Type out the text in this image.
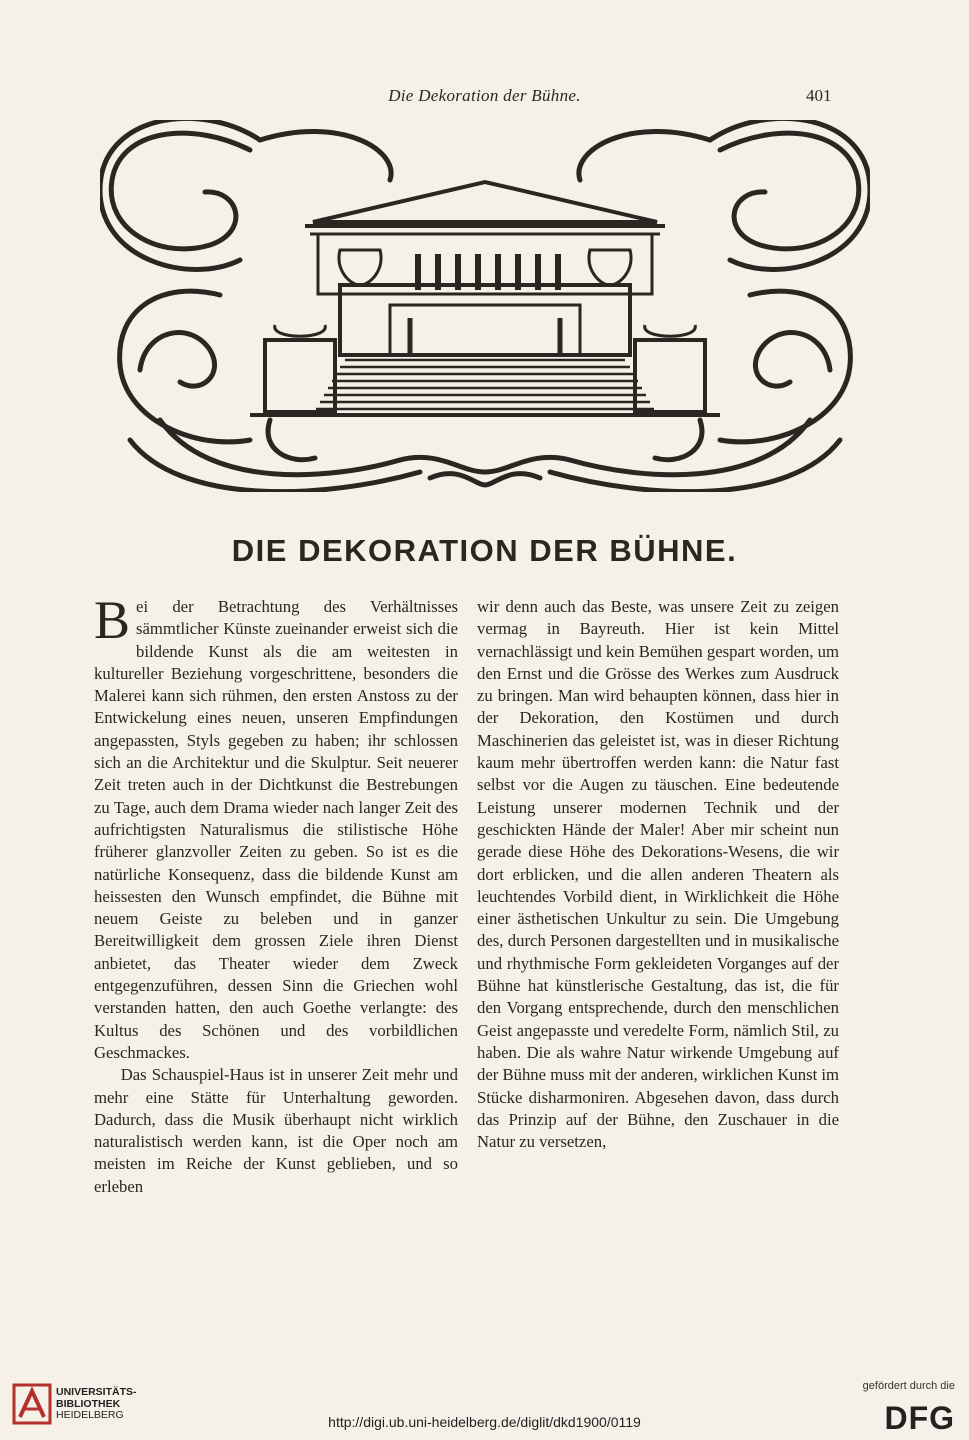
Die Dekoration der Bühne.	401
DIE DEKORATION DER BÜHNE.

Bei der Betrachtung des Verhältnisses sämmtlicher Künste zueinander erweist sich die bildende Kunst als die am weitesten in kultureller Beziehung vorgeschrittene, besonders die Malerei kann sich rühmen, den ersten Anstoss zu der Entwickelung eines neuen, unseren Empfindungen angepassten, Styls gegeben zu haben; ihr schlossen sich an die Architektur und die Skulptur. Seit neuerer Zeit treten auch in der Dichtkunst die Bestrebungen zu Tage, auch dem Drama wieder nach langer Zeit des aufrichtigsten Naturalismus die stilistische Höhe früherer glanzvoller Zeiten zu geben. So ist es die natürliche Konsequenz, dass die bildende Kunst am heissesten den Wunsch empfindet, die Bühne mit neuem Geiste zu beleben und in ganzer Bereitwilligkeit dem grossen Ziele ihren Dienst anbietet, das Theater wieder dem Zweck entgegenzuführen, dessen Sinn die Griechen wohl verstanden hatten, den auch Goethe verlangte: des Kultus des Schönen und des vorbildlichen Geschmackes.

Das Schauspiel-Haus ist in unserer Zeit mehr und mehr eine Stätte für Unterhaltung geworden. Dadurch, dass die Musik überhaupt nicht wirklich naturalistisch werden kann, ist die Oper noch am meisten im Reiche der Kunst geblieben, und so erleben

wir denn auch das Beste, was unsere Zeit zu zeigen vermag in Bayreuth. Hier ist kein Mittel vernachlässigt und kein Bemühen gespart worden, um den Ernst und die Grösse des Werkes zum Ausdruck zu bringen. Man wird behaupten können, dass hier in der Dekoration, den Kostümen und durch Maschinerien das geleistet ist, was in dieser Richtung kaum mehr übertroffen werden kann: die Natur fast selbst vor die Augen zu täuschen. Eine bedeutende Leistung unserer modernen Technik und der geschickten Hände der Maler! Aber mir scheint nun gerade diese Höhe des Dekorations-Wesens, die wir dort erblicken, und die allen anderen Theatern als leuchtendes Vorbild dient, in Wirklichkeit die Höhe einer ästhetischen Unkultur zu sein. Die Umgebung des, durch Personen dargestellten und in musikalische und rhythmische Form gekleideten Vorganges auf der Bühne hat künstlerische Gestaltung, das ist, die für den Vorgang entsprechende, durch den menschlichen Geist angepasste und veredelte Form, nämlich Stil, zu haben. Die als wahre Natur wirkende Umgebung auf der Bühne muss mit der anderen, wirklichen Kunst im Stücke disharmoniren. Abgesehen davon, dass durch das Prinzip auf der Bühne, den Zuschauer in die Natur zu versetzen,

UNIVERSITÄTS-
BIBLIOTHEK
HEIDELBERG	http://digi.ub.uni-heidelberg.de/diglit/dkd1900/0119
gefördert durch die
DFG
